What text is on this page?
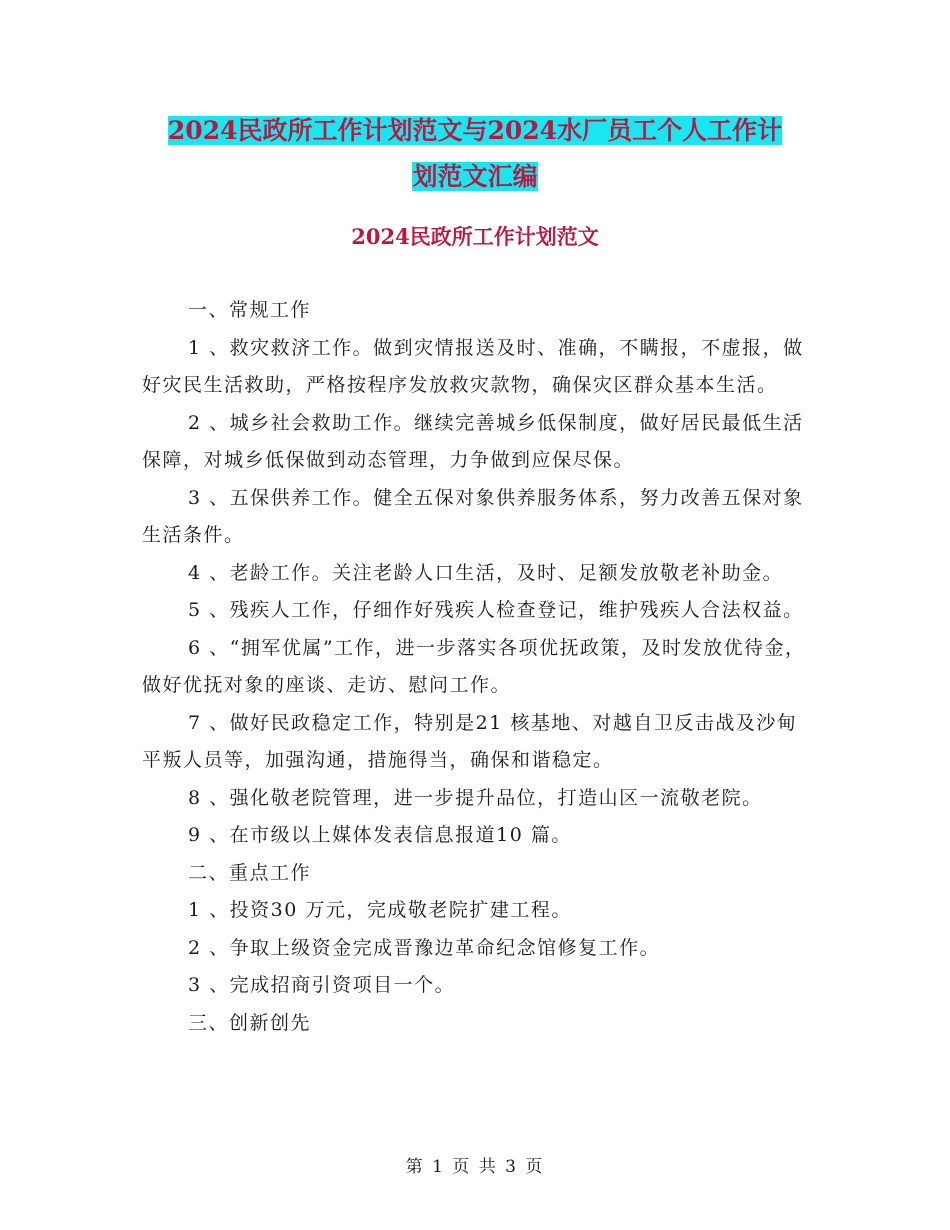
2024民政所工作计划范文与2024水厂员工个人工作计
划范文汇编
2024民政所工作计划范文

一、常规工作

1 、救灾救济工作。做到灾情报送及时、准确，不瞒报，不虚报，做好灾民生活救助，严格按程序发放救灾款物，确保灾区群众基本生活。

2 、城乡社会救助工作。继续完善城乡低保制度，做好居民最低生活保障，对城乡低保做到动态管理，力争做到应保尽保。

3 、五保供养工作。健全五保对象供养服务体系，努力改善五保对象生活条件。

4 、老龄工作。关注老龄人口生活，及时、足额发放敬老补助金。

5 、残疾人工作，仔细作好残疾人检查登记，维护残疾人合法权益。

6 、“拥军优属”工作，进一步落实各项优抚政策，及时发放优待金，做好优抚对象的座谈、走访、慰问工作。

7 、做好民政稳定工作，特别是21 核基地、对越自卫反击战及沙甸平叛人员等，加强沟通，措施得当，确保和谐稳定。

8 、强化敬老院管理，进一步提升品位，打造山区一流敬老院。

9 、在市级以上媒体发表信息报道10 篇。

二、重点工作

1 、投资30 万元，完成敬老院扩建工程。

2 、争取上级资金完成晋豫边革命纪念馆修复工作。

3 、完成招商引资项目一个。

三、创新创先

第 1 页 共 3 页
